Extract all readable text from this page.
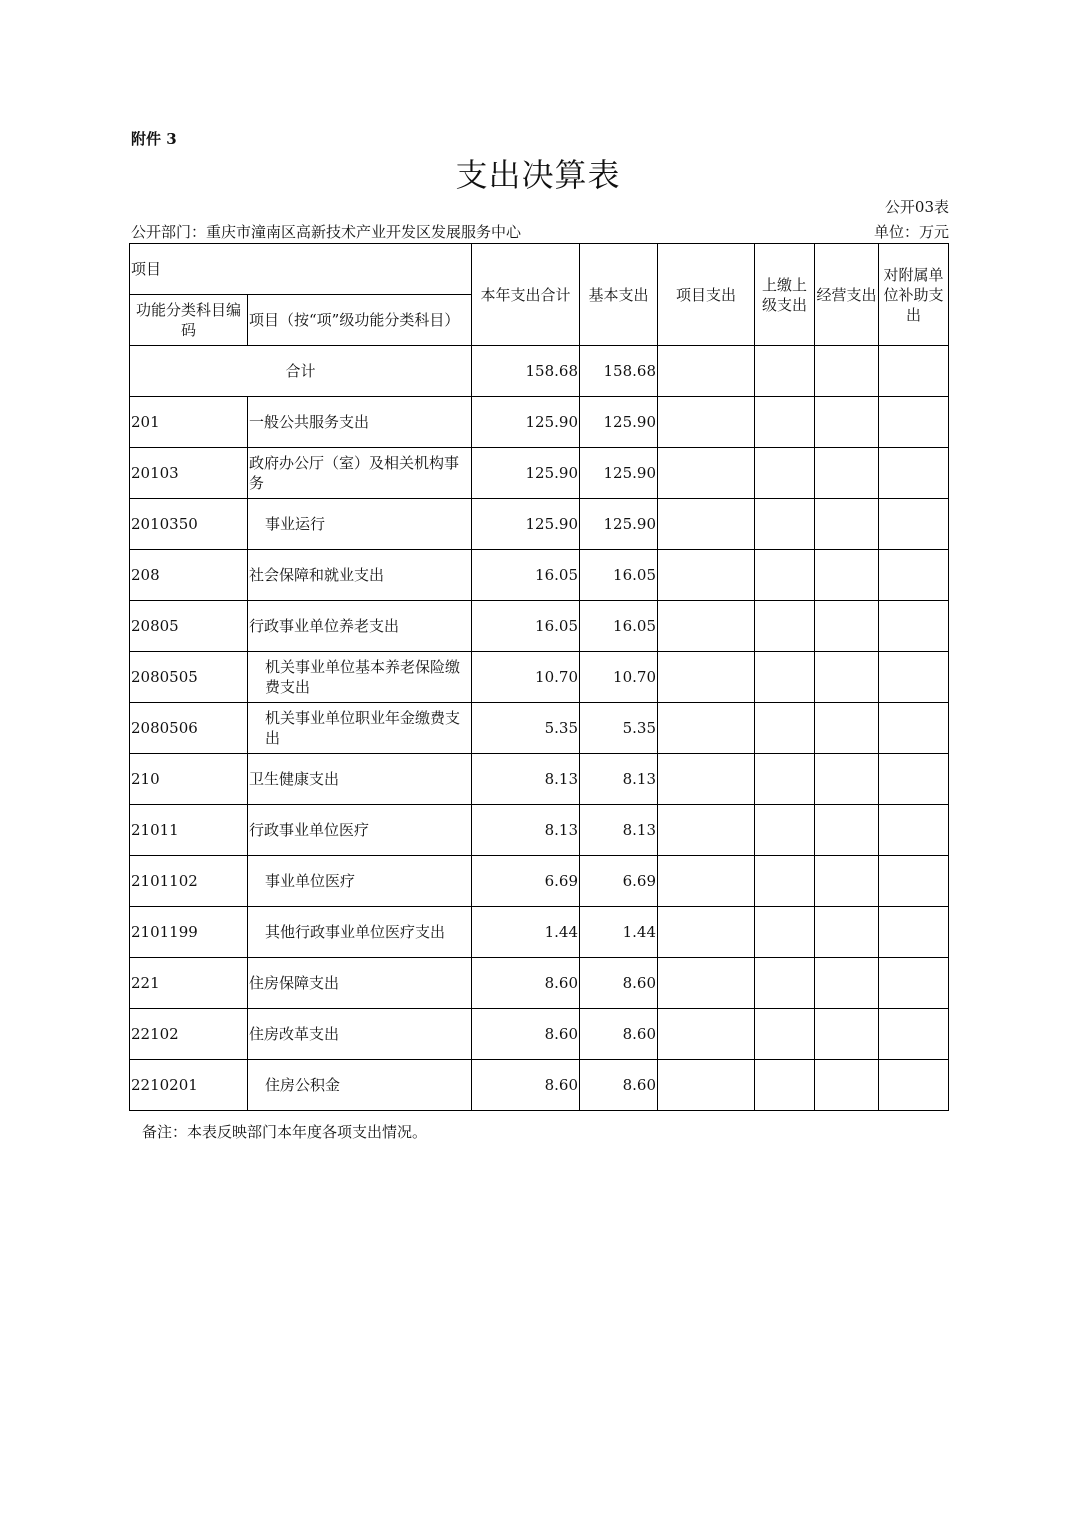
附件 3
支出决算表
公开03表
公开部门：重庆市潼南区高新技术产业开发区发展服务中心	单位：万元
项目		本年支出合计	基本支出	项目支出	上缴上级支出	经营支出	对附属单位补助支出
功能分类科目编码	项目（按“项”级功能分类科目）						
合计		158.68	158.68				
201	一般公共服务支出	125.90	125.90				
20103	政府办公厅（室）及相关机构事务	125.90	125.90				
2010350	事业运行	125.90	125.90				
208	社会保障和就业支出	16.05	16.05				
20805	行政事业单位养老支出	16.05	16.05				
2080505	机关事业单位基本养老保险缴费支出	10.70	10.70				
2080506	机关事业单位职业年金缴费支出	5.35	5.35				
210	卫生健康支出	8.13	8.13				
21011	行政事业单位医疗	8.13	8.13				
2101102	事业单位医疗	6.69	6.69				
2101199	其他行政事业单位医疗支出	1.44	1.44				
221	住房保障支出	8.60	8.60				
22102	住房改革支出	8.60	8.60				
2210201	住房公积金	8.60	8.60				
备注：本表反映部门本年度各项支出情况。
